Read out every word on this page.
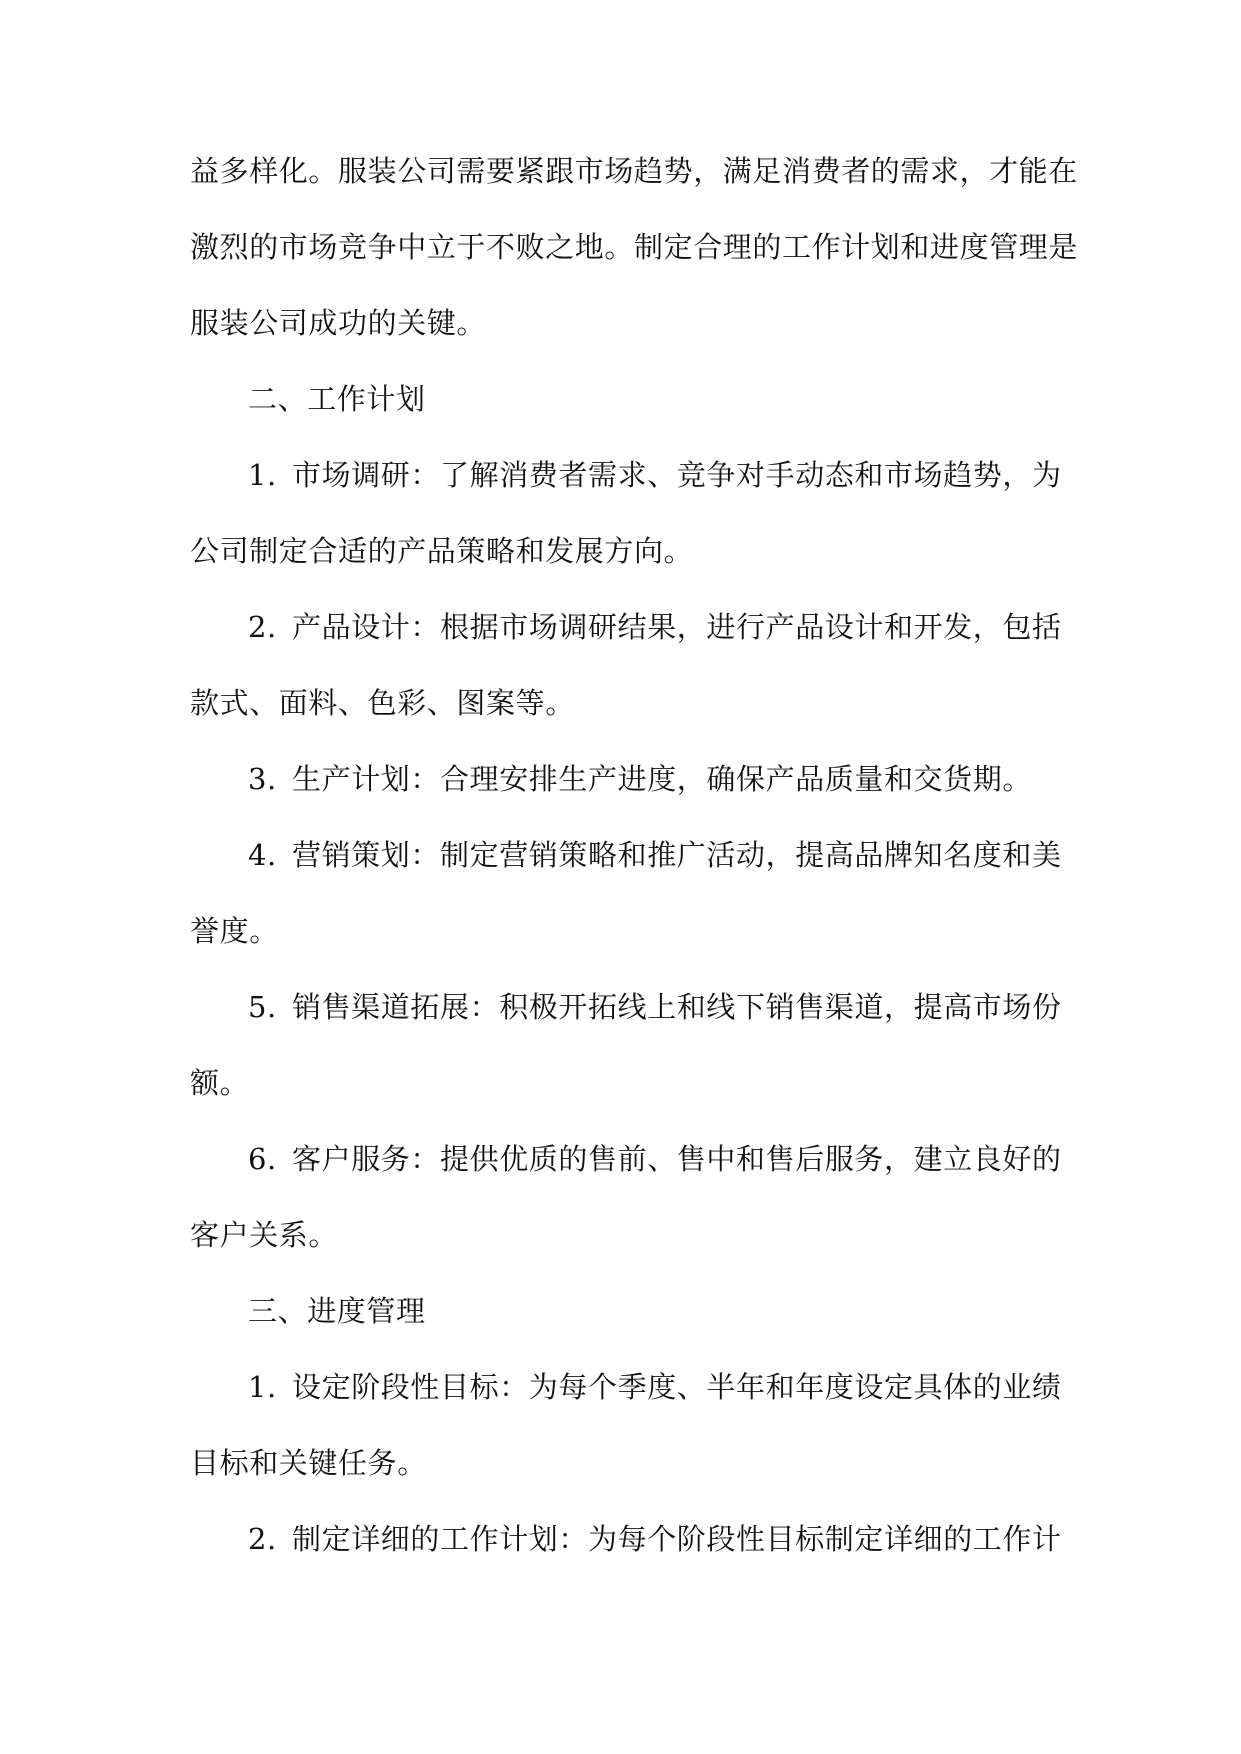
益多样化。服装公司需要紧跟市场趋势，满足消费者的需求，才能在
激烈的市场竞争中立于不败之地。制定合理的工作计划和进度管理是
服装公司成功的关键。
二、工作计划
1. 市场调研：了解消费者需求、竞争对手动态和市场趋势，为
公司制定合适的产品策略和发展方向。
2. 产品设计：根据市场调研结果，进行产品设计和开发，包括
款式、面料、色彩、图案等。
3. 生产计划：合理安排生产进度，确保产品质量和交货期。
4. 营销策划：制定营销策略和推广活动，提高品牌知名度和美
誉度。
5. 销售渠道拓展：积极开拓线上和线下销售渠道，提高市场份
额。
6. 客户服务：提供优质的售前、售中和售后服务，建立良好的
客户关系。
三、进度管理
1. 设定阶段性目标：为每个季度、半年和年度设定具体的业绩
目标和关键任务。
2. 制定详细的工作计划：为每个阶段性目标制定详细的工作计
